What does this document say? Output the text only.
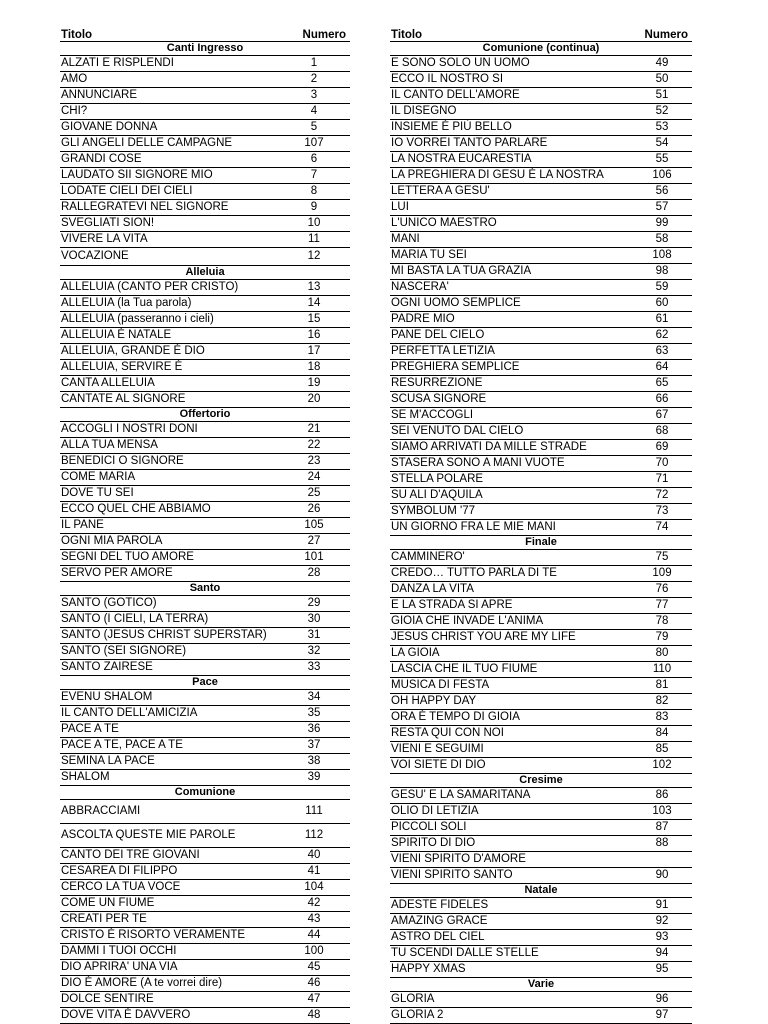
Titolo	Numero
Canti Ingresso
ALZATI E RISPLENDI	1
AMO	2
ANNUNCIARE	3
CHI?	4
GIOVANE DONNA	5
GLI ANGELI DELLE CAMPAGNE	107
GRANDI COSE	6
LAUDATO SII SIGNORE MIO	7
LODATE CIELI DEI CIELI	8
RALLEGRATEVI NEL SIGNORE	9
SVEGLIATI SION!	10
VIVERE LA VITA	11
VOCAZIONE	12
Alleluia
ALLELUIA (CANTO PER CRISTO)	13
ALLELUIA (la Tua parola)	14
ALLELUIA (passeranno i cieli)	15
ALLELUIA È NATALE	16
ALLELUIA, GRANDE È DIO	17
ALLELUIA, SERVIRE È	18
CANTA ALLELUIA	19
CANTATE AL SIGNORE	20
Offertorio
ACCOGLI I NOSTRI DONI	21
ALLA TUA MENSA	22
BENEDICI O SIGNORE	23
COME MARIA	24
DOVE TU SEI	25
ECCO QUEL CHE ABBIAMO	26
IL PANE	105
OGNI MIA PAROLA	27
SEGNI DEL TUO AMORE	101
SERVO PER AMORE	28
Santo
SANTO (GOTICO)	29
SANTO (I CIELI, LA TERRA)	30
SANTO (JESUS CHRIST SUPERSTAR)	31
SANTO (SEI SIGNORE)	32
SANTO ZAIRESE	33
Pace
EVENU SHALOM	34
IL CANTO DELL'AMICIZIA	35
PACE A TE	36
PACE A TE, PACE A TE	37
SEMINA LA PACE	38
SHALOM	39
Comunione
ABBRACCIAMI	111
ASCOLTA QUESTE MIE PAROLE	112
CANTO DEI TRE GIOVANI	40
CESAREA DI FILIPPO	41
CERCO LA TUA VOCE	104
COME UN FIUME	42
CREATI PER TE	43
CRISTO È RISORTO VERAMENTE	44
DAMMI I TUOI OCCHI	100
DIO APRIRA' UNA VIA	45
DIO È AMORE (A te vorrei dire)	46
DOLCE SENTIRE	47
DOVE VITA È DAVVERO	48
Titolo	Numero
Comunione (continua)
E SONO SOLO UN UOMO	49
ECCO IL NOSTRO SI	50
IL CANTO DELL'AMORE	51
IL DISEGNO	52
INSIEME È PIÙ BELLO	53
IO VORREI TANTO PARLARE	54
LA NOSTRA EUCARESTIA	55
LA PREGHIERA DI GESU È LA NOSTRA	106
LETTERA A GESU'	56
LUI	57
L'UNICO MAESTRO	99
MANI	58
MARIA TU SEI	108
MI BASTA LA TUA GRAZIA	98
NASCERA'	59
OGNI UOMO SEMPLICE	60
PADRE MIO	61
PANE DEL CIELO	62
PERFETTA LETIZIA	63
PREGHIERA SEMPLICE	64
RESURREZIONE	65
SCUSA SIGNORE	66
SE M'ACCOGLI	67
SEI VENUTO DAL CIELO	68
SIAMO ARRIVATI DA MILLE STRADE	69
STASERA SONO A MANI VUOTE	70
STELLA POLARE	71
SU ALI D'AQUILA	72
SYMBOLUM '77	73
UN GIORNO FRA LE MIE MANI	74
Finale
CAMMINERO'	75
CREDO… TUTTO PARLA DI TE	109
DANZA LA VITA	76
E LA STRADA SI APRE	77
GIOIA CHE INVADE L'ANIMA	78
JESUS CHRIST YOU ARE MY LIFE	79
LA GIOIA	80
LASCIA CHE IL TUO FIUME	110
MUSICA DI FESTA	81
OH HAPPY DAY	82
ORA È TEMPO DI GIOIA	83
RESTA QUI CON NOI	84
VIENI E SEGUIMI	85
VOI SIETE DI DIO	102
Cresime
GESU' E LA SAMARITANA	86
OLIO DI LETIZIA	103
PICCOLI SOLI	87
SPIRITO DI DIO	88
VIENI SPIRITO D'AMORE
VIENI SPIRITO SANTO	90
Natale
ADESTE FIDELES	91
AMAZING GRACE	92
ASTRO DEL CIEL	93
TU SCENDI DALLE STELLE	94
HAPPY XMAS	95
Varie
GLORIA	96
GLORIA 2	97
